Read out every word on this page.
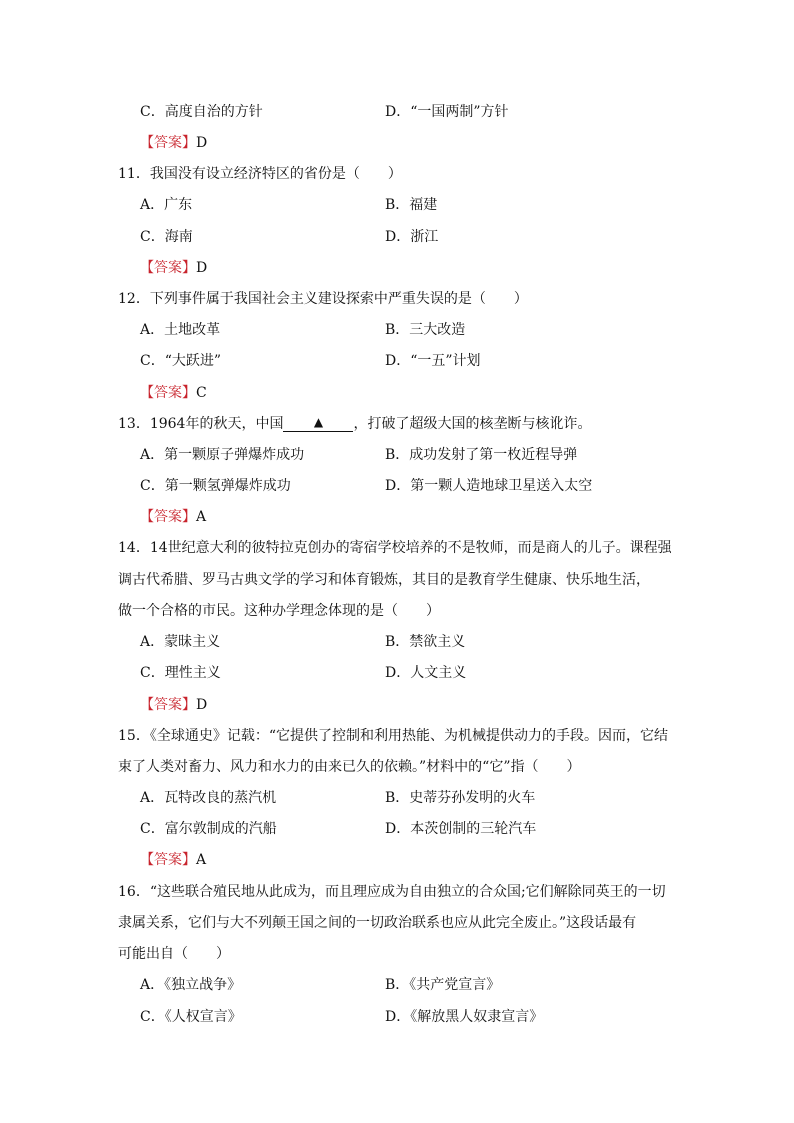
C．高度自治的方针	D．“一国两制”方针
【答案】D
11．我国没有设立经济特区的省份是（　　）
A．广东	B．福建
C．海南	D．浙江
【答案】D
12．下列事件属于我国社会主义建设探索中严重失误的是（　　）
A．土地改革	B．三大改造
C．“大跃进”	D．“一五”计划
【答案】C
13．1964年的秋天，中国	▲ ，打破了超级大国的核垄断与核讹诈。
A．第一颗原子弹爆炸成功	B．成功发射了第一枚近程导弹
C．第一颗氢弹爆炸成功	D．第一颗人造地球卫星送入太空
【答案】A
14．14世纪意大利的彼特拉克创办的寄宿学校培养的不是牧师，而是商人的儿子。课程强
调古代希腊、罗马古典文学的学习和体育锻炼，其目的是教育学生健康、快乐地生活，
做一个合格的市民。这种办学理念体现的是（　　）
A．蒙昧主义	B．禁欲主义
C．理性主义	D．人文主义
【答案】D
15．《全球通史》记载：“它提供了控制和利用热能、为机械提供动力的手段。因而，它结
束了人类对畜力、风力和水力的由来已久的依赖。”材料中的“它”指（　　）
A．瓦特改良的蒸汽机	B．史蒂芬孙发明的火车
C．富尔敦制成的汽船	D．本茨创制的三轮汽车
【答案】A
16．“这些联合殖民地从此成为，而且理应成为自由独立的合众国;它们解除同英王的一切
隶属关系，它们与大不列颠王国之间的一切政治联系也应从此完全废止。”这段话最有
可能出自（　　）
A．《独立战争》	B．《共产党宣言》
C．《人权宣言》	D．《解放黑人奴隶宣言》
